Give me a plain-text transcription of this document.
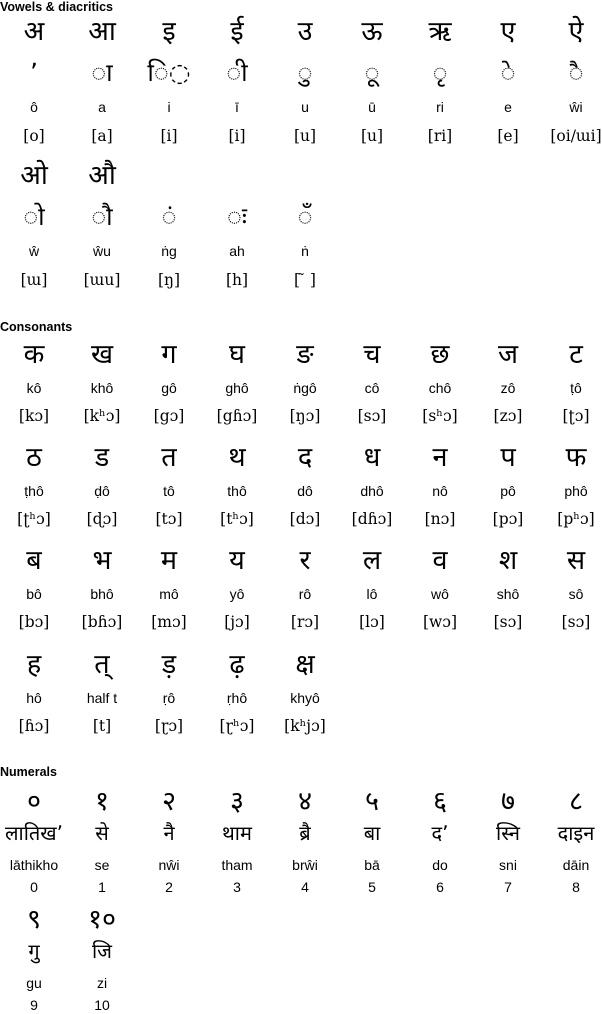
Vowels & diacritics
अ
ʼ
ô
[o]
आ
◌ा
a
[a]
इ
ि◌
i
[i]
ई
◌ी
ī
[i]
उ
◌ु
u
[u]
ऊ
◌ू
ū
[u]
ऋ
◌ृ
ri
[ri]
ए
◌े
e
[e]
ऐ
◌ै
ŵi
[oi/ɯi]
ओ
◌ो
ŵ
[ɯ]
औ
◌ौ
ŵu
[ɯu]
◌ं
ṅg
[ŋ]
◌ः
ah
[h]
◌ँ
ṅ
[ ̃ ]
Consonants
क
kô
[kɔ]
ख
khô
[kʰɔ]
ग
gô
[gɔ]
घ
ghô
[gɦɔ]
ङ
ṅgô
[ŋɔ]
च
cô
[sɔ]
छ
chô
[sʰɔ]
ज
zô
[zɔ]
ट
ṭô
[ʈɔ]
ठ
ṭhô
[ʈʰɔ]
ड
ḍô
[ɖɔ]
त
tô
[tɔ]
थ
thô
[tʰɔ]
द
dô
[dɔ]
ध
dhô
[dɦɔ]
न
nô
[nɔ]
प
pô
[pɔ]
फ
phô
[pʰɔ]
ब
bô
[bɔ]
भ
bhô
[bɦɔ]
म
mô
[mɔ]
य
yô
[jɔ]
र
rô
[rɔ]
ल
lô
[lɔ]
व
wô
[wɔ]
श
shô
[sɔ]
स
sô
[sɔ]
ह
hô
[ɦɔ]
त्
half t
[t]
ड़
ṛô
[ɽɔ]
ढ़
ṛhô
[ɽʰɔ]
क्ष
khyô
[kʰjɔ]
Numerals
०
लातिखʼ
lāthikho
0
१
से
se
1
२
नै
nŵi
2
३
थाम
tham
3
४
ब्रै
brŵi
4
५
बा
bā
5
६
दʼ
do
6
७
स्नि
sni
7
८
दाइन
dāin
8
९
गु
gu
9
१०
जि
zi
10
